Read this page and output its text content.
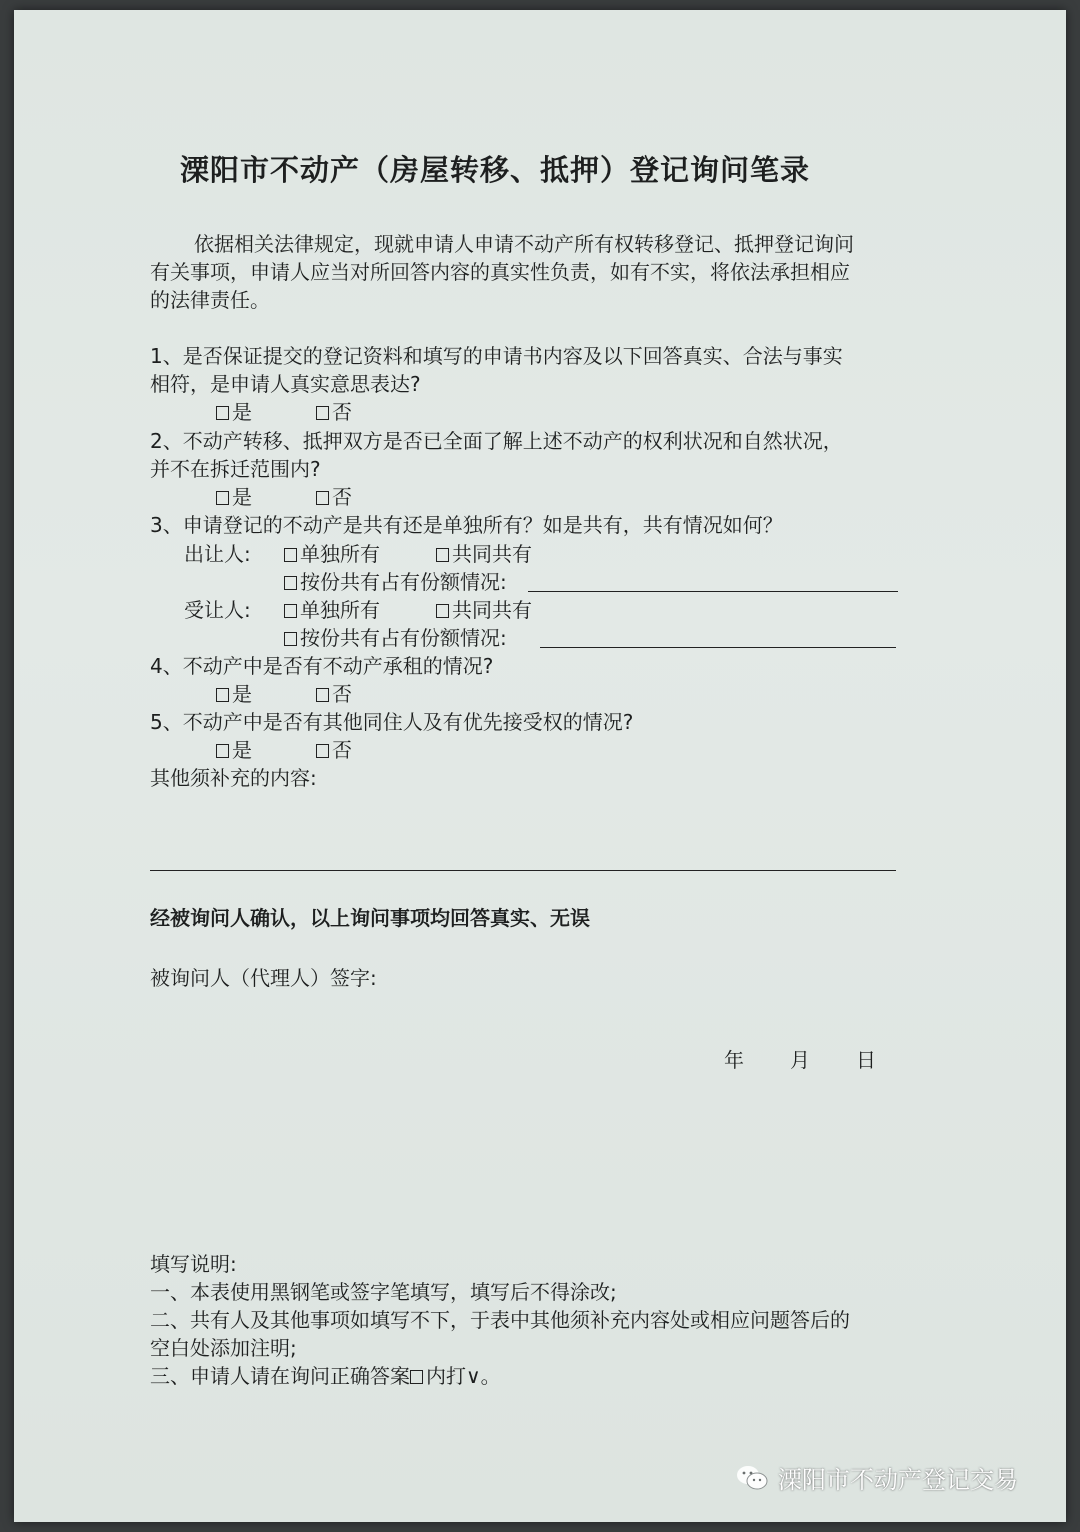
溧阳市不动产（房屋转移、抵押）登记询问笔录
依据相关法律规定，现就申请人申请不动产所有权转移登记、抵押登记询问
有关事项，申请人应当对所回答内容的真实性负责，如有不实，将依法承担相应
的法律责任。
1、是否保证提交的登记资料和填写的申请书内容及以下回答真实、合法与事实
相符，是申请人真实意思表达?
是	否
2、不动产转移、抵押双方是否已全面了解上述不动产的权利状况和自然状况，
并不在拆迁范围内?
是	否
3、申请登记的不动产是共有还是单独所有？如是共有，共有情况如何？
出让人:	单独所有	共同共有
按份共有占有份额情况:
受让人:	单独所有	共同共有
按份共有占有份额情况:
4、不动产中是否有不动产承租的情况?
是	否
5、不动产中是否有其他同住人及有优先接受权的情况?
是	否
其他须补充的内容:
经被询问人确认，以上询问事项均回答真实、无误
被询问人（代理人）签字:
年 月 日
填写说明:
一、本表使用黑钢笔或签字笔填写，填写后不得涂改;
二、共有人及其他事项如填写不下，于表中其他须补充内容处或相应问题答后的
空白处添加注明;
三、申请人请在询问正确答案 内打∨。
溧阳市不动产登记交易
